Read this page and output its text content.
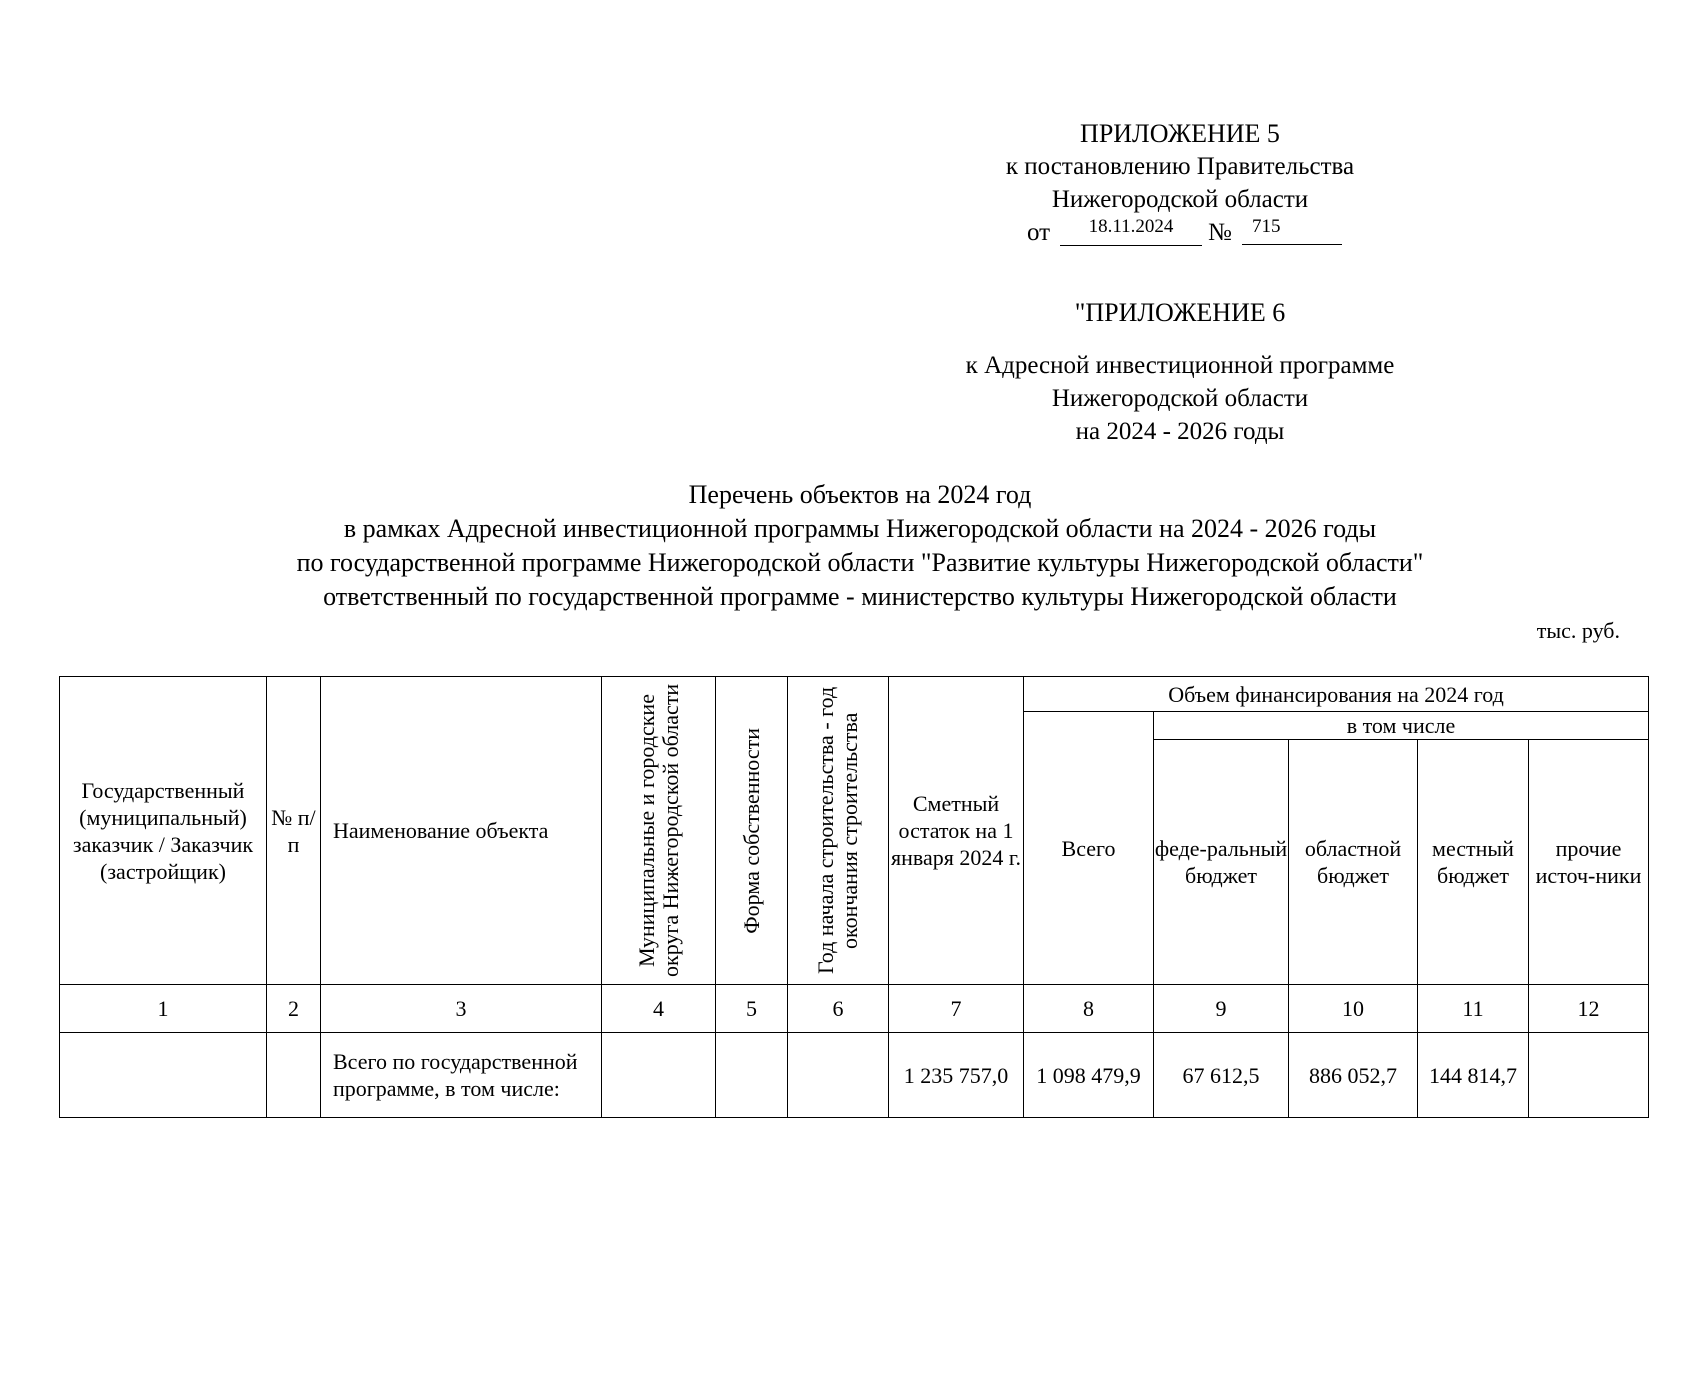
ПРИЛОЖЕНИЕ 5
к постановлению Правительства
Нижегородской области
от	18.11.2024	№	715
"ПРИЛОЖЕНИЕ 6
к Адресной инвестиционной программе
Нижегородской области
на 2024 - 2026 годы
Перечень объектов на 2024 год
в рамках Адресной инвестиционной программы Нижегородской области на 2024 - 2026 годы
по государственной программе Нижегородской области "Развитие культуры Нижегородской области"
ответственный по государственной программе - министерство культуры Нижегородской области
тыс. руб.
Государственный (муниципальный) заказчик / Заказчик (застройщик)	№ п/п	Наименование объекта	Муниципальные и городские округа Нижегородской области	Форма собственности	Год начала строительства - год окончания строительства	Сметный остаток на 1 января 2024 г.	Объем финансирования на 2024 год				
							Всего	в том числе			
								феде-ральный бюджет	областной бюджет	местный бюджет	прочие источ-ники
1	2	3	4	5	6	7	8	9	10	11	12
		Всего по государственной программе, в том числе:				1 235 757,0	1 098 479,9	67 612,5	886 052,7	144 814,7	
